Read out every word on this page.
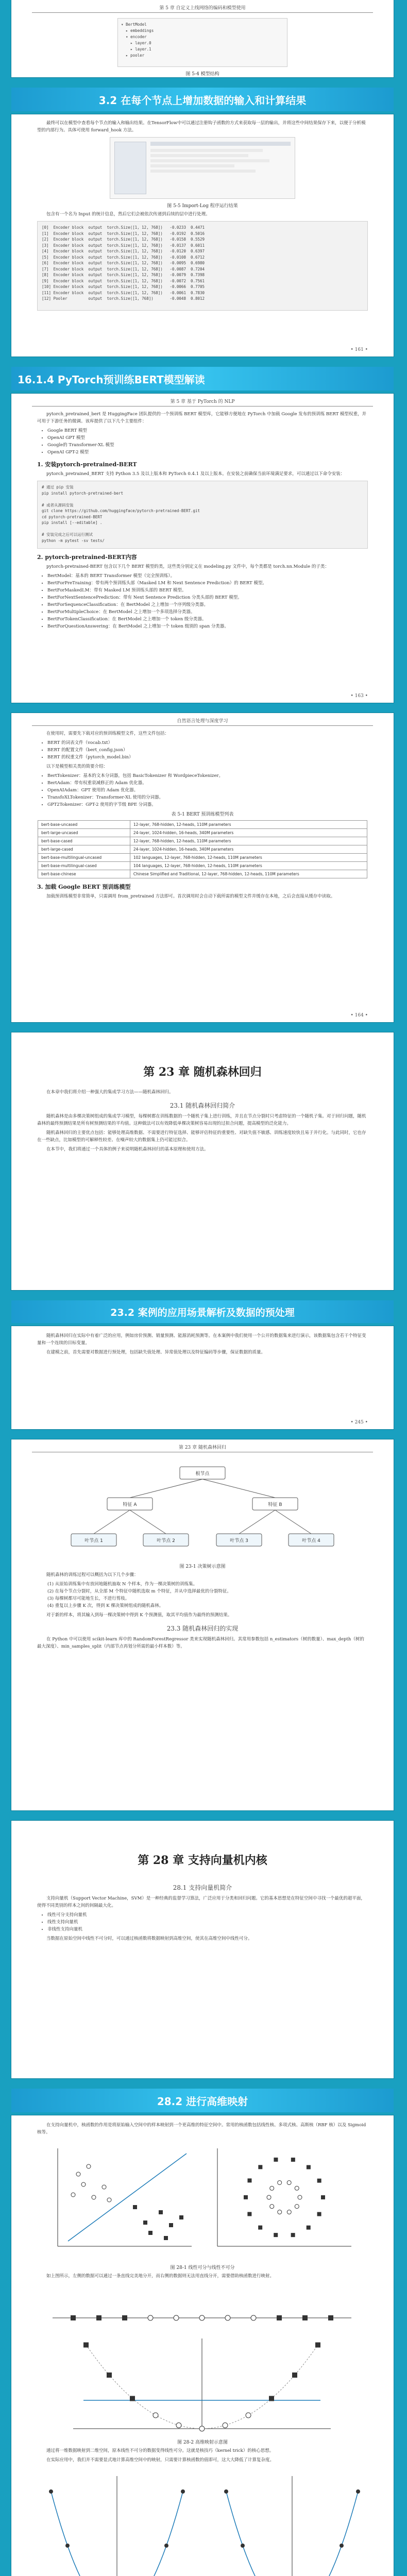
第 5 章 自定义上线网络的编码和模型使用
▾ BertModel
▸ embeddings
▾ encoder
▸ layer.0
▸ layer.1
▸ pooler
图 5-4 模型结构
3.2 在每个节点上增加数据的输入和计算结果

最终可以在模型中查看每个节点的输入和输出结果。在TensorFlow中可以通过注册钩子函数的方式来获取每一层的输出，并将这些中间结果保存下来，以便于分析模型的内部行为。具体可使用 forward_hook 方法。

图 5-5 Import-Log 程序运行结果

包含有一个名为 Input 的统计信息，然后它们会被依次传递到后续的层中进行处理。

[0]  Encoder block  output  torch.Size([1, 12, 768])   -0.0233  0.4471
[1]  Encoder block  output  torch.Size([1, 12, 768])   -0.0192  0.5016
[2]  Encoder block  output  torch.Size([1, 12, 768])   -0.0158  0.5529
[3]  Encoder block  output  torch.Size([1, 12, 768])   -0.0137  0.6011
[4]  Encoder block  output  torch.Size([1, 12, 768])   -0.0120  0.6397
[5]  Encoder block  output  torch.Size([1, 12, 768])   -0.0108  0.6712
[6]  Encoder block  output  torch.Size([1, 12, 768])   -0.0095  0.6980
[7]  Encoder block  output  torch.Size([1, 12, 768])   -0.0087  0.7204
[8]  Encoder block  output  torch.Size([1, 12, 768])   -0.0079  0.7398
[9]  Encoder block  output  torch.Size([1, 12, 768])   -0.0072  0.7561
[10] Encoder block  output  torch.Size([1, 12, 768])   -0.0066  0.7705
[11] Encoder block  output  torch.Size([1, 12, 768])   -0.0061  0.7830
[12] Pooler         output  torch.Size([1, 768])       -0.0048  0.8012
• 161 •
16.1.4 PyTorch预训练BERT模型解读
第 5 章 基于 PyTorch 的 NLP

pytorch_pretrained_bert 是 HuggingFace 团队提供的一个预训练 BERT 模型库，它能够方便地在 PyTorch 中加载 Google 发布的预训练 BERT 模型权重，并可用于下游任务的微调。该库提供了以下几个主要组件：

• Google BERT 模型
• OpenAI GPT 模型
• Google的 Transformer-XL 模型
• OpenAI GPT-2 模型
1. 安装pytorch-pretrained-BERT

pytorch_pretrained_BERT 支持 Python 3.5 及以上版本和 PyTorch 0.4.1 及以上版本。在安装之前确保当前环境满足要求，可以通过以下命令安装：

# 通过 pip 安装
pip install pytorch-pretrained-bert

# 或者从源码安装
git clone https://github.com/huggingface/pytorch-pretrained-BERT.git
cd pytorch-pretrained-BERT
pip install [--editable] .

# 安装完成之后可以运行测试
python -m pytest -sv tests/
2. pytorch-pretrained-BERT内容

pytorch-pretrained-BERT 包含以下几个 BERT 模型的类，这些类分别定义在 modeling.py 文件中，每个类都是 torch.nn.Module 的子类：

• BertModel：基本的 BERT Transformer 模型（完全预训练）。
• BertForPreTraining：带有两个预训练头部（Masked LM 和 Next Sentence Prediction）的 BERT 模型。
• BertForMaskedLM：带有 Masked LM 预训练头部的 BERT 模型。
• BertForNextSentencePrediction：带有 Next Sentence Prediction 分类头部的 BERT 模型。
• BertForSequenceClassification：在 BertModel 之上增加一个序列级分类器。
• BertForMultipleChoice：在 BertModel 之上增加一个多项选择分类器。
• BertForTokenClassification：在 BertModel 之上增加一个 token 级分类器。
• BertForQuestionAnswering：在 BertModel 之上增加一个 token 级别的 span 分类器。
• 163 •
自然语言处理与深度学习

在使用时，需要先下载对应的预训练模型文件，这些文件包括：

• BERT 的词表文件（vocab.txt）
• BERT 的配置文件（bert_config.json）
• BERT 的权重文件（pytorch_model.bin）

以下是模型相关类的简要介绍：

• BertTokenizer：基本的文本分词器，包括 BasicTokenizer 和 WordpieceTokenizer。
• BertAdam：带有权重衰减修正的 Adam 优化器。
• OpenAIAdam：GPT 使用的 Adam 优化器。
• TransfoXLTokenizer：Transformer-XL 使用的分词器。
• GPT2Tokenizer：GPT-2 使用的字节级 BPE 分词器。
表 5-1 BERT 预训练模型列表
bert-base-uncased	12-layer, 768-hidden, 12-heads, 110M parameters
bert-large-uncased	24-layer, 1024-hidden, 16-heads, 340M parameters
bert-base-cased	12-layer, 768-hidden, 12-heads, 110M parameters
bert-large-cased	24-layer, 1024-hidden, 16-heads, 340M parameters
bert-base-multilingual-uncased	102 languages, 12-layer, 768-hidden, 12-heads, 110M parameters
bert-base-multilingual-cased	104 languages, 12-layer, 768-hidden, 12-heads, 110M parameters
bert-base-chinese	Chinese Simplified and Traditional, 12-layer, 768-hidden, 12-heads, 110M parameters
3. 加载 Google BERT 预训练模型

加载预训练模型非常简单，只需调用 from_pretrained 方法即可。首次调用时会自动下载所需的模型文件并缓存在本地，之后会直接从缓存中读取。

• 164 •
第 23 章 随机森林回归

在本章中我们将介绍一种强大的集成学习方法——随机森林回归。

23.1 随机森林回归简介

随机森林是由多棵决策树组成的集成学习模型，每棵树都在训练数据的一个随机子集上进行训练，并且在节点分裂时只考虑特征的一个随机子集。对于回归问题，随机森林的最终预测结果是所有树预测结果的平均值。这种做法可以有效降低单棵决策树容易出现的过拟合问题，提高模型的泛化能力。

随机森林回归的主要优点包括：能够处理高维数据、不需要进行特征选择、能够评估特征的重要性、对缺失值不敏感、训练速度较快且易于并行化。与此同时，它也存在一些缺点，比如模型的可解释性较差、在噪声较大的数据集上仍可能过拟合。

在本节中，我们将通过一个具体的例子来说明随机森林回归的基本原理和使用方法。

23.2 案例的应用场景解析及数据的预处理

随机森林回归在实际中有着广泛的应用，例如房价预测、销量预测、能源消耗预测等。在本案例中我们使用一个公开的数据集来进行演示，该数据集包含若干个特征变量和一个连续的目标变量。

在建模之前，首先需要对数据进行预处理，包括缺失值处理、异常值处理以及特征编码等步骤，保证数据的质量。

• 245 •
第 23 章 随机森林回归
根节点
特征 A	特征 B
叶节点 1	叶节点 2	叶节点 3	叶节点 4
图 23-1 决策树示意图

随机森林的训练过程可以概括为以下几个步骤：

(1) 从原始训练集中有放回地随机抽取 N 个样本，作为一棵决策树的训练集。
(2) 在每个节点分裂时，从全部 M 个特征中随机选取 m 个特征，并从中选择最优的分裂特征。
(3) 每棵树都尽可能地生长，不进行剪枝。
(4) 重复以上步骤 K 次，得到 K 棵决策树组成的随机森林。

对于新的样本，将其输入到每一棵决策树中得到 K 个预测值，取其平均值作为最终的预测结果。

23.3 随机森林回归的实现

在 Python 中可以使用 scikit-learn 库中的 RandomForestRegressor 类来实现随机森林回归。其常用参数包括 n_estimators（树的数量）、max_depth（树的最大深度）、min_samples_split（内部节点再划分所需的最小样本数）等。

第 28 章 支持向量机内核
28.1 支持向量机简介

支持向量机（Support Vector Machine，SVM）是一种经典的监督学习算法，广泛应用于分类和回归问题。它的基本思想是在特征空间中寻找一个最优的超平面，使得不同类别的样本之间的间隔最大化。

• 线性可分支持向量机
• 线性支持向量机
• 非线性支持向量机

当数据在原始空间中线性不可分时，可以通过核函数将数据映射到高维空间，使其在高维空间中线性可分。

28.2 进行高维映射

在支持向量机中，核函数的作用是将原始输入空间中的样本映射到一个更高维的特征空间中。常用的核函数包括线性核、多项式核、高斯核（RBF 核）以及 Sigmoid 核等。

图 28-1 线性可分与线性不可分

如上图所示，左侧的数据可以通过一条直线完美地分开，而右侧的数据则无法用直线分开，需要借助核函数进行映射。

图 28-2 高维映射示意图

通过将一维数据映射到二维空间，原本线性不可分的数据变得线性可分。这就是核技巧（kernel trick）的核心思想。

在实际应用中，我们并不需要显式地计算高维空间中的映射，只需要计算核函数的值即可，这大大降低了计算复杂度。
